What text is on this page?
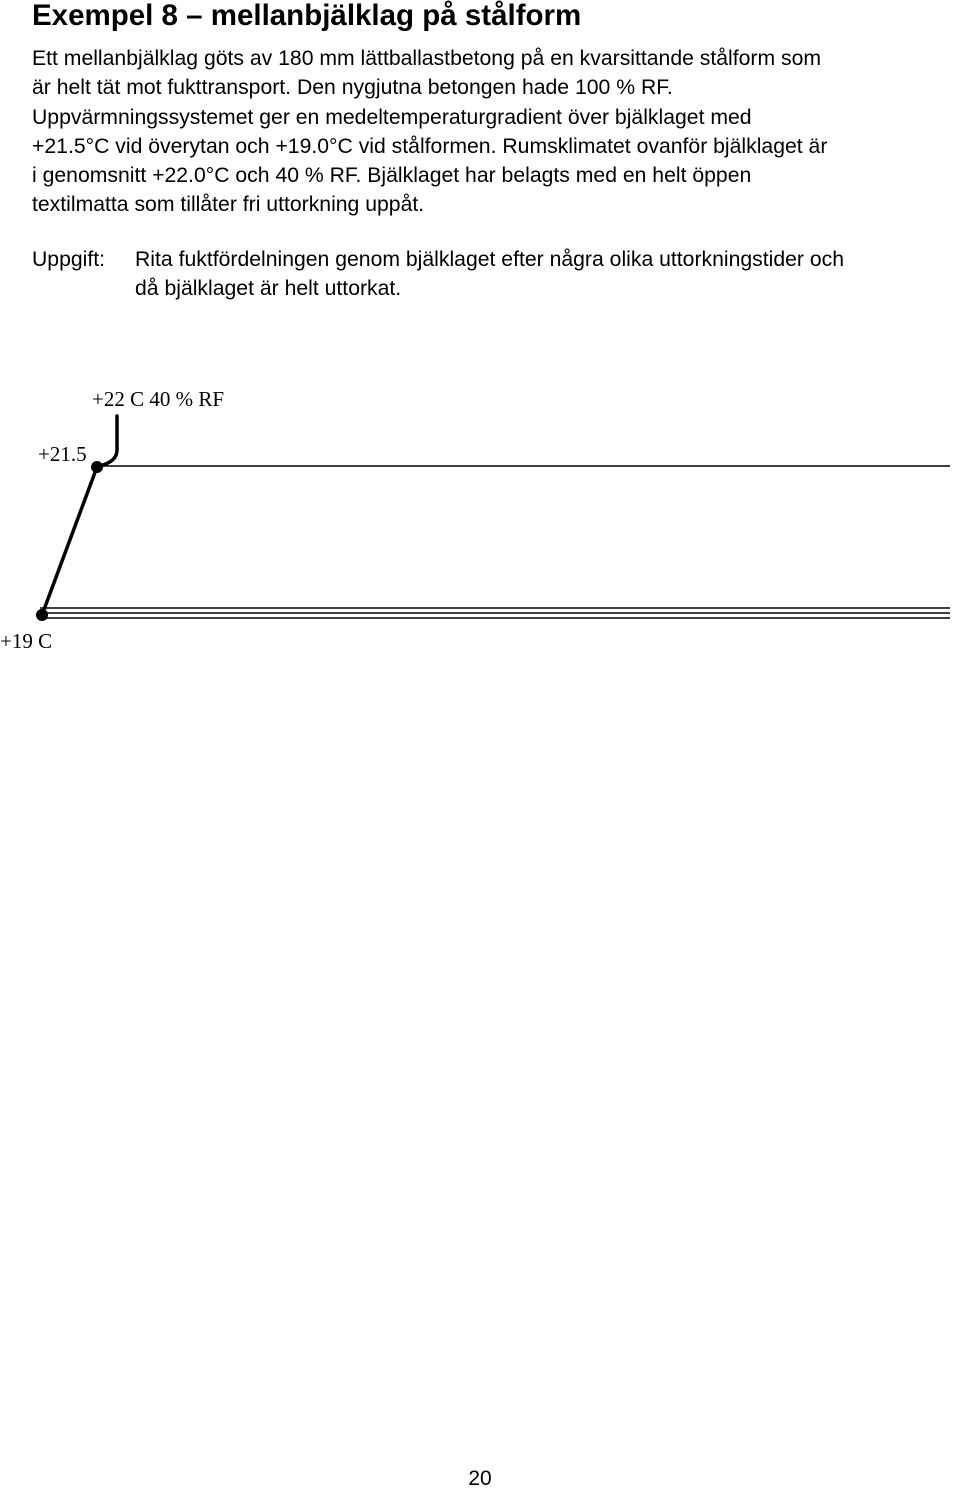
Exempel 8 – mellanbjälklag på stålform
Ett mellanbjälklag göts av 180 mm lättballastbetong på en kvarsittande stålform som
är helt tät mot fukttransport. Den nygjutna betongen hade 100 % RF.
Uppvärmningssystemet ger en medeltemperaturgradient över bjälklaget med
+21.5°C vid överytan och +19.0°C vid stålformen. Rumsklimatet ovanför bjälklaget är
i genomsnitt +22.0°C och 40 % RF. Bjälklaget har belagts med en helt öppen
textilmatta som tillåter fri uttorkning uppåt.
Uppgift: Rita fuktfördelningen genom bjälklaget efter några olika uttorkningstider och
då bjälklaget är helt uttorkat.
+22 C 40 % RF
+21.5
+19 C
20
